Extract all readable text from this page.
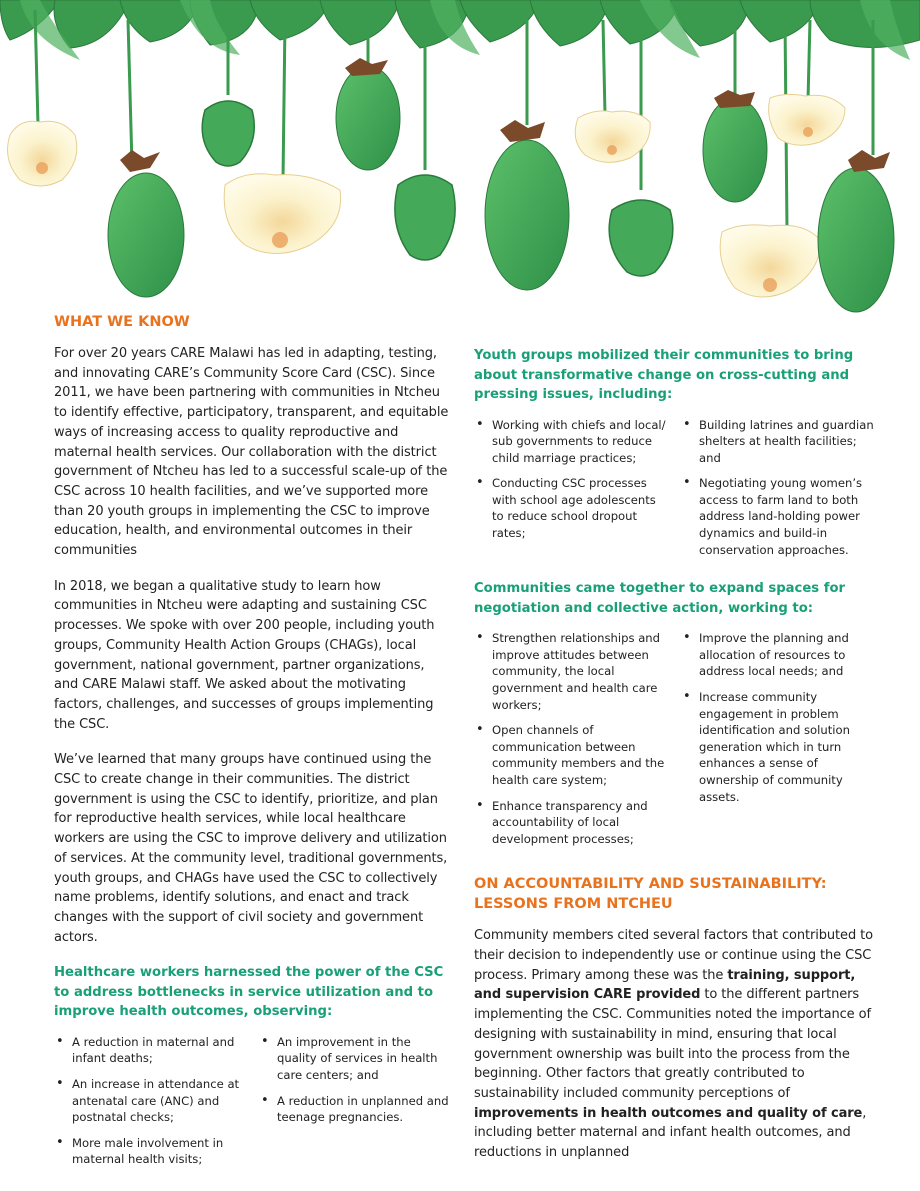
WHAT WE KNOW

For over 20 years CARE Malawi has led in adapting, testing, and innovating CARE’s Community Score Card (CSC). Since 2011, we have been partnering with communities in Ntcheu to identify effective, participatory, transparent, and equitable ways of increasing access to quality reproductive and maternal health services. Our collaboration with the district government of Ntcheu has led to a successful scale-up of the CSC across 10 health facilities, and we’ve supported more than 20 youth groups in implementing the CSC to improve education, health, and environmental outcomes in their communities

In 2018, we began a qualitative study to learn how communities in Ntcheu were adapting and sustaining CSC processes. We spoke with over 200 people, including youth groups, Community Health Action Groups (CHAGs), local government, national government, partner organizations, and CARE Malawi staff. We asked about the motivating factors, challenges, and successes of groups implementing the CSC.

We’ve learned that many groups have continued using the CSC to create change in their communities. The district government is using the CSC to identify, prioritize, and plan for reproductive health services, while local healthcare workers are using the CSC to improve delivery and utilization of services. At the community level, traditional governments, youth groups, and CHAGs have used the CSC to collectively name problems, identify solutions, and enact and track changes with the support of civil society and government actors.

Healthcare workers harnessed the power of the CSC to address bottlenecks in service utilization and to improve health outcomes, observing:
• A reduction in maternal and infant deaths;
• An increase in attendance at antenatal care (ANC) and postnatal checks;
• More male involvement in maternal health visits;
• An improvement in the quality of services in health care centers; and
• A reduction in unplanned and teenage pregnancies.
Youth groups mobilized their communities to bring about transformative change on cross-cutting and pressing issues, including:
• Working with chiefs and local/ sub governments to reduce child marriage practices;
• Conducting CSC processes with school age adolescents to reduce school dropout rates;
• Building latrines and guardian shelters at health facilities; and
• Negotiating young women’s access to farm land to both address land-holding power dynamics and build-in conservation approaches.
Communities came together to expand spaces for negotiation and collective action, working to:
• Strengthen relationships and improve attitudes between community, the local government and health care workers;
• Open channels of communication between community members and the health care system;
• Enhance transparency and accountability of local development processes;
• Improve the planning and allocation of resources to address local needs; and
• Increase community engagement in problem identification and solution generation which in turn enhances a sense of ownership of community assets.
ON ACCOUNTABILITY AND SUSTAINABILITY:
LESSONS FROM NTCHEU

Community members cited several factors that contributed to their decision to independently use or continue using the CSC process. Primary among these was the training, support, and supervision CARE provided to the different partners implementing the CSC. Communities noted the importance of designing with sustainability in mind, ensuring that local government ownership was built into the process from the beginning. Other factors that greatly contributed to sustainability included community perceptions of improvements in health outcomes and quality of care, including better maternal and infant health outcomes, and reductions in unplanned
